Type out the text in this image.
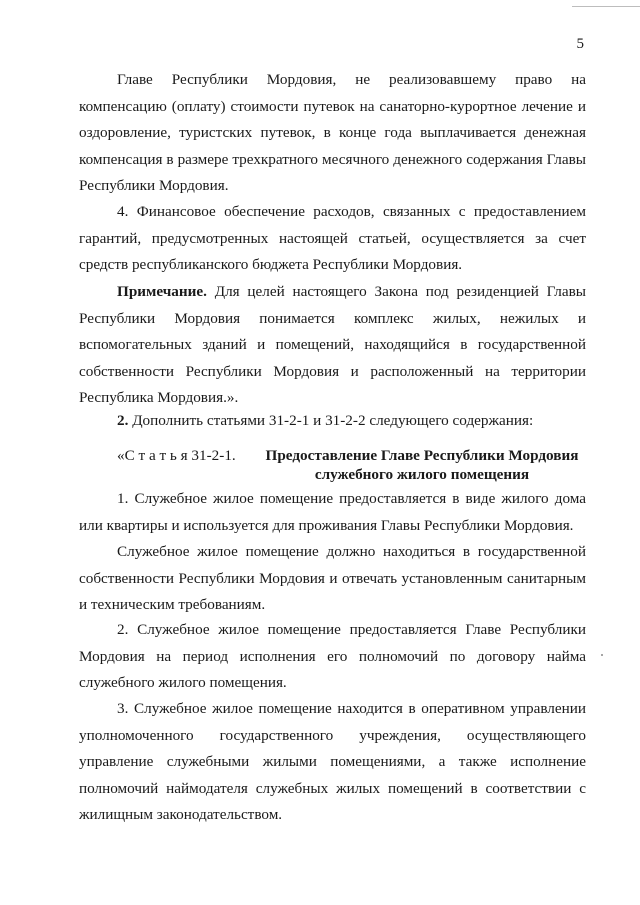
5

Главе Республики Мордовия, не реализовавшему право на компенсацию (оплату) стоимости путевок на санаторно-курортное лечение и оздоровление, туристских путевок, в конце года выплачивается денежная компенсация в размере трехкратного месячного денежного содержания Главы Республики Мордовия.

4. Финансовое обеспечение расходов, связанных с предоставлением гарантий, предусмотренных настоящей статьей, осуществляется за счет средств республиканского бюджета Республики Мордовия.

Примечание. Для целей настоящего Закона под резиденцией Главы Республики Мордовия понимается комплекс жилых, нежилых и вспомогательных зданий и помещений, находящийся в государственной собственности Республики Мордовия и расположенный на территории Республика Мордовия.».

2. Дополнить статьями 31-2-1 и 31-2-2 следующего содержания:

«С т а т ь я 31-2-1.	Предоставление Главе Республики Мордовия служебного жилого помещения

1. Служебное жилое помещение предоставляется в виде жилого дома или квартиры и используется для проживания Главы Республики Мордовия.

Служебное жилое помещение должно находиться в государственной собственности Республики Мордовия и отвечать установленным санитарным и техническим требованиям.

2. Служебное жилое помещение предоставляется Главе Республики Мордовия на период исполнения его полномочий по договору найма служебного жилого помещения.

3. Служебное жилое помещение находится в оперативном управлении уполномоченного государственного учреждения, осуществляющего управление служебными жилыми помещениями, а также исполнение полномочий наймодателя служебных жилых помещений в соответствии с жилищным законодательством.
